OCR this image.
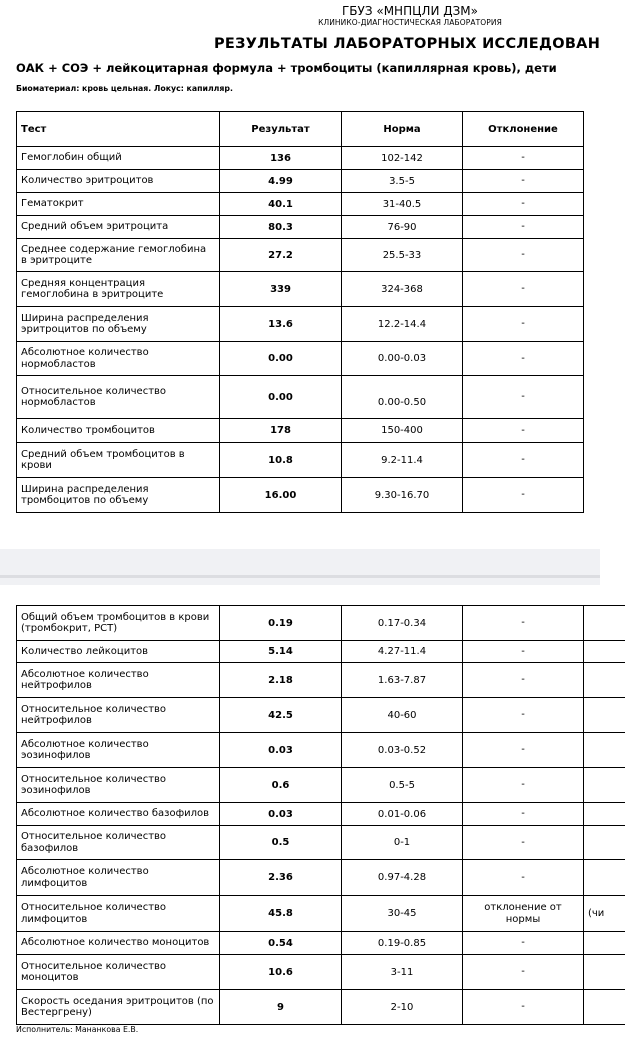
ГБУЗ «МНПЦЛИ ДЗМ»
КЛИНИКО-ДИАГНОСТИЧЕСКАЯ ЛАБОРАТОРИЯ
РЕЗУЛЬТАТЫ ЛАБОРАТОРНЫХ ИССЛЕДОВАН
ОАК + СОЭ + лейкоцитарная формула + тромбоциты (капиллярная кровь), дети
Биоматериал: кровь цельная. Локус: капилляр.
Тест	Результат	Норма	Отклонение
Гемоглобин общий	136	102-142	-
Количество эритроцитов	4.99	3.5-5	-
Гематокрит	40.1	31-40.5	-
Средний объем эритроцита	80.3	76-90	-
Среднее содержание гемоглобина в эритроците	27.2	25.5-33	-
Средняя концентрация гемоглобина в эритроците	339	324-368	-
Ширина распределения эритроцитов по объему	13.6	12.2-14.4	-
Абсолютное количество нормобластов	0.00	0.00-0.03	-
Относительное количество нормобластов	0.00	0.00-0.50	-
Количество тромбоцитов	178	150-400	-
Средний объем тромбоцитов в крови	10.8	9.2-11.4	-
Ширина распределения тромбоцитов по объему	16.00	9.30-16.70	-
Общий объем тромбоцитов в крови (тромбокрит, PCT)	0.19	0.17-0.34	-	
Количество лейкоцитов	5.14	4.27-11.4	-	
Абсолютное количество нейтрофилов	2.18	1.63-7.87	-	
Относительное количество нейтрофилов	42.5	40-60	-	
Абсолютное количество эозинофилов	0.03	0.03-0.52	-	
Относительное количество эозинофилов	0.6	0.5-5	-	
Абсолютное количество базофилов	0.03	0.01-0.06	-	
Относительное количество базофилов	0.5	0-1	-	
Абсолютное количество лимфоцитов	2.36	0.97-4.28	-	
Относительное количество лимфоцитов	45.8	30-45	отклонение от нормы	(чи
Абсолютное количество моноцитов	0.54	0.19-0.85	-	
Относительное количество моноцитов	10.6	3-11	-	
Скорость оседания эритроцитов (по Вестергрену)	9	2-10	-	
Исполнитель: Мананкова Е.В.
